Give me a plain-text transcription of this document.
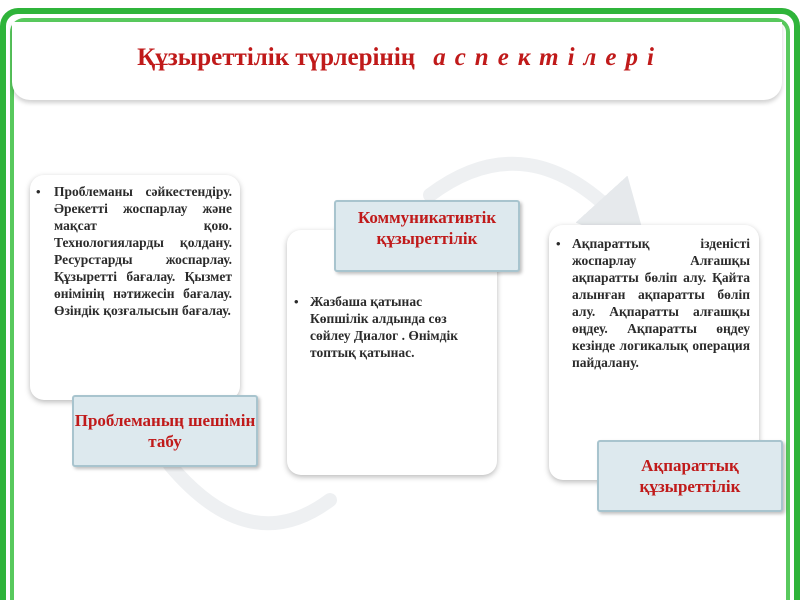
Құзыреттілік түрлерінің аспектілері
• Проблеманы сәйкестендіру. Әрекетті жоспарлау және мақсат қою. Технологияларды қолдану. Ресурстарды жоспарлау. Құзыретті бағалау. Қызмет өнімінің нәтижесін бағалау. Өзіндік қозғалысын бағалау.
Проблеманың шешімін табу
• Жазбаша қатынас Көпшілік алдында сөз сөйлеу Диалог . Өнімдік топтық қатынас.
Коммуникативтік құзыреттілік	• Ақпараттық ізденісті жоспарлау Алғашқы ақпаратты бөліп алу. Қайта алынған ақпаратты бөліп алу. Ақпаратты алғашқы өңдеу. Ақпаратты өңдеу кезінде логикалық операция пайдалану.
Ақпараттық құзыреттілік
